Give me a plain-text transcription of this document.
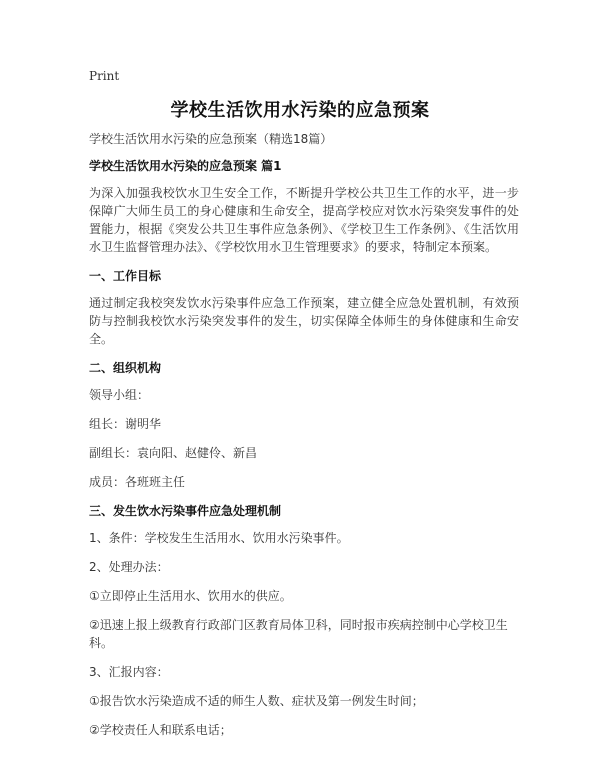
Print
学校生活饮用水污染的应急预案

学校生活饮用水污染的应急预案（精选18篇）

学校生活饮用水污染的应急预案 篇1

为深入加强我校饮水卫生安全工作，不断提升学校公共卫生工作的水平，进一步保障广大师生员工的身心健康和生命安全，提高学校应对饮水污染突发事件的处置能力，根据《突发公共卫生事件应急条例》、《学校卫生工作条例》、《生活饮用水卫生监督管理办法》、《学校饮用水卫生管理要求》的要求，特制定本预案。

一、工作目标

通过制定我校突发饮水污染事件应急工作预案，建立健全应急处置机制，有效预防与控制我校饮水污染突发事件的发生，切实保障全体师生的身体健康和生命安全。

二、组织机构

领导小组：

组长：谢明华

副组长：袁向阳、赵健伶、新昌

成员：各班班主任

三、发生饮水污染事件应急处理机制

1、条件：学校发生生活用水、饮用水污染事件。

2、处理办法：

①立即停止生活用水、饮用水的供应。

②迅速上报上级教育行政部门区教育局体卫科，同时报市疾病控制中心学校卫生科。

3、汇报内容：

①报告饮水污染造成不适的师生人数、症状及第一例发生时间；

②学校责任人和联系电话；
